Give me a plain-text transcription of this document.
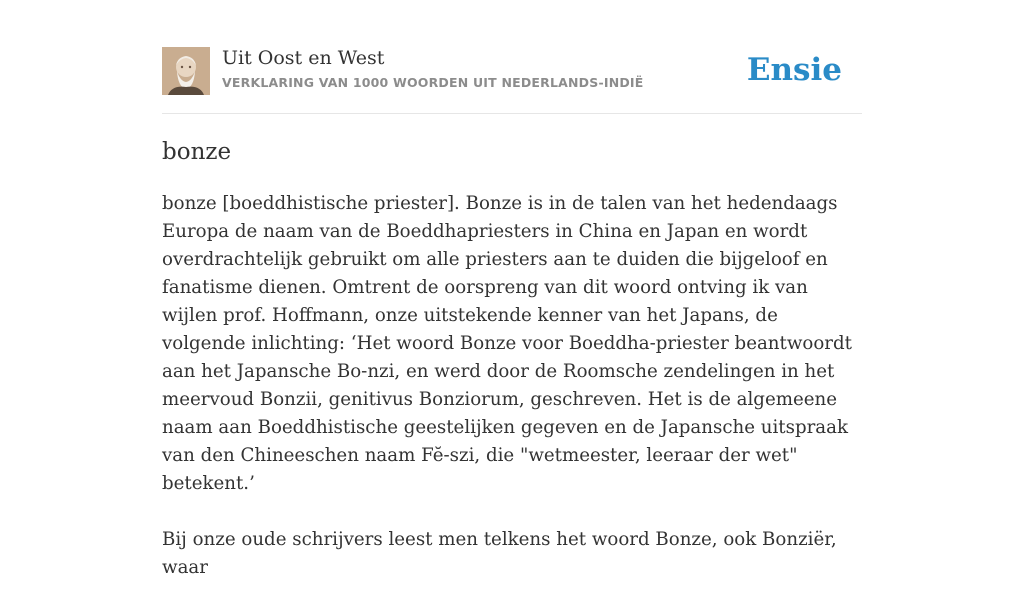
Uit Oost en West
VERKLARING VAN 1000 WOORDEN UIT NEDERLANDS-INDIË	Ensie
bonze

bonze [boeddhistische priester]. Bonze is in de talen van het hedendaags Europa de naam van de Boeddhapriesters in China en Japan en wordt overdrachtelijk gebruikt om alle priesters aan te duiden die bijgeloof en fanatisme dienen. Omtrent de oorspreng van dit woord ontving ik van wijlen prof. Hoffmann, onze uitstekende kenner van het Japans, de volgende inlichting: ‘Het woord Bonze voor Boeddha-priester beantwoordt aan het Japansche Bo-nzi, en werd door de Roomsche zendelingen in het meervoud Bonzii, genitivus Bonziorum, geschreven. Het is de algemeene naam aan Boeddhistische geestelijken gegeven en de Japansche uitspraak van den Chineeschen naam Fĕ-szi, die "wetmeester, leeraar der wet" betekent.’

Bij onze oude schrijvers leest men telkens het woord Bonze, ook Bonziër, waar
